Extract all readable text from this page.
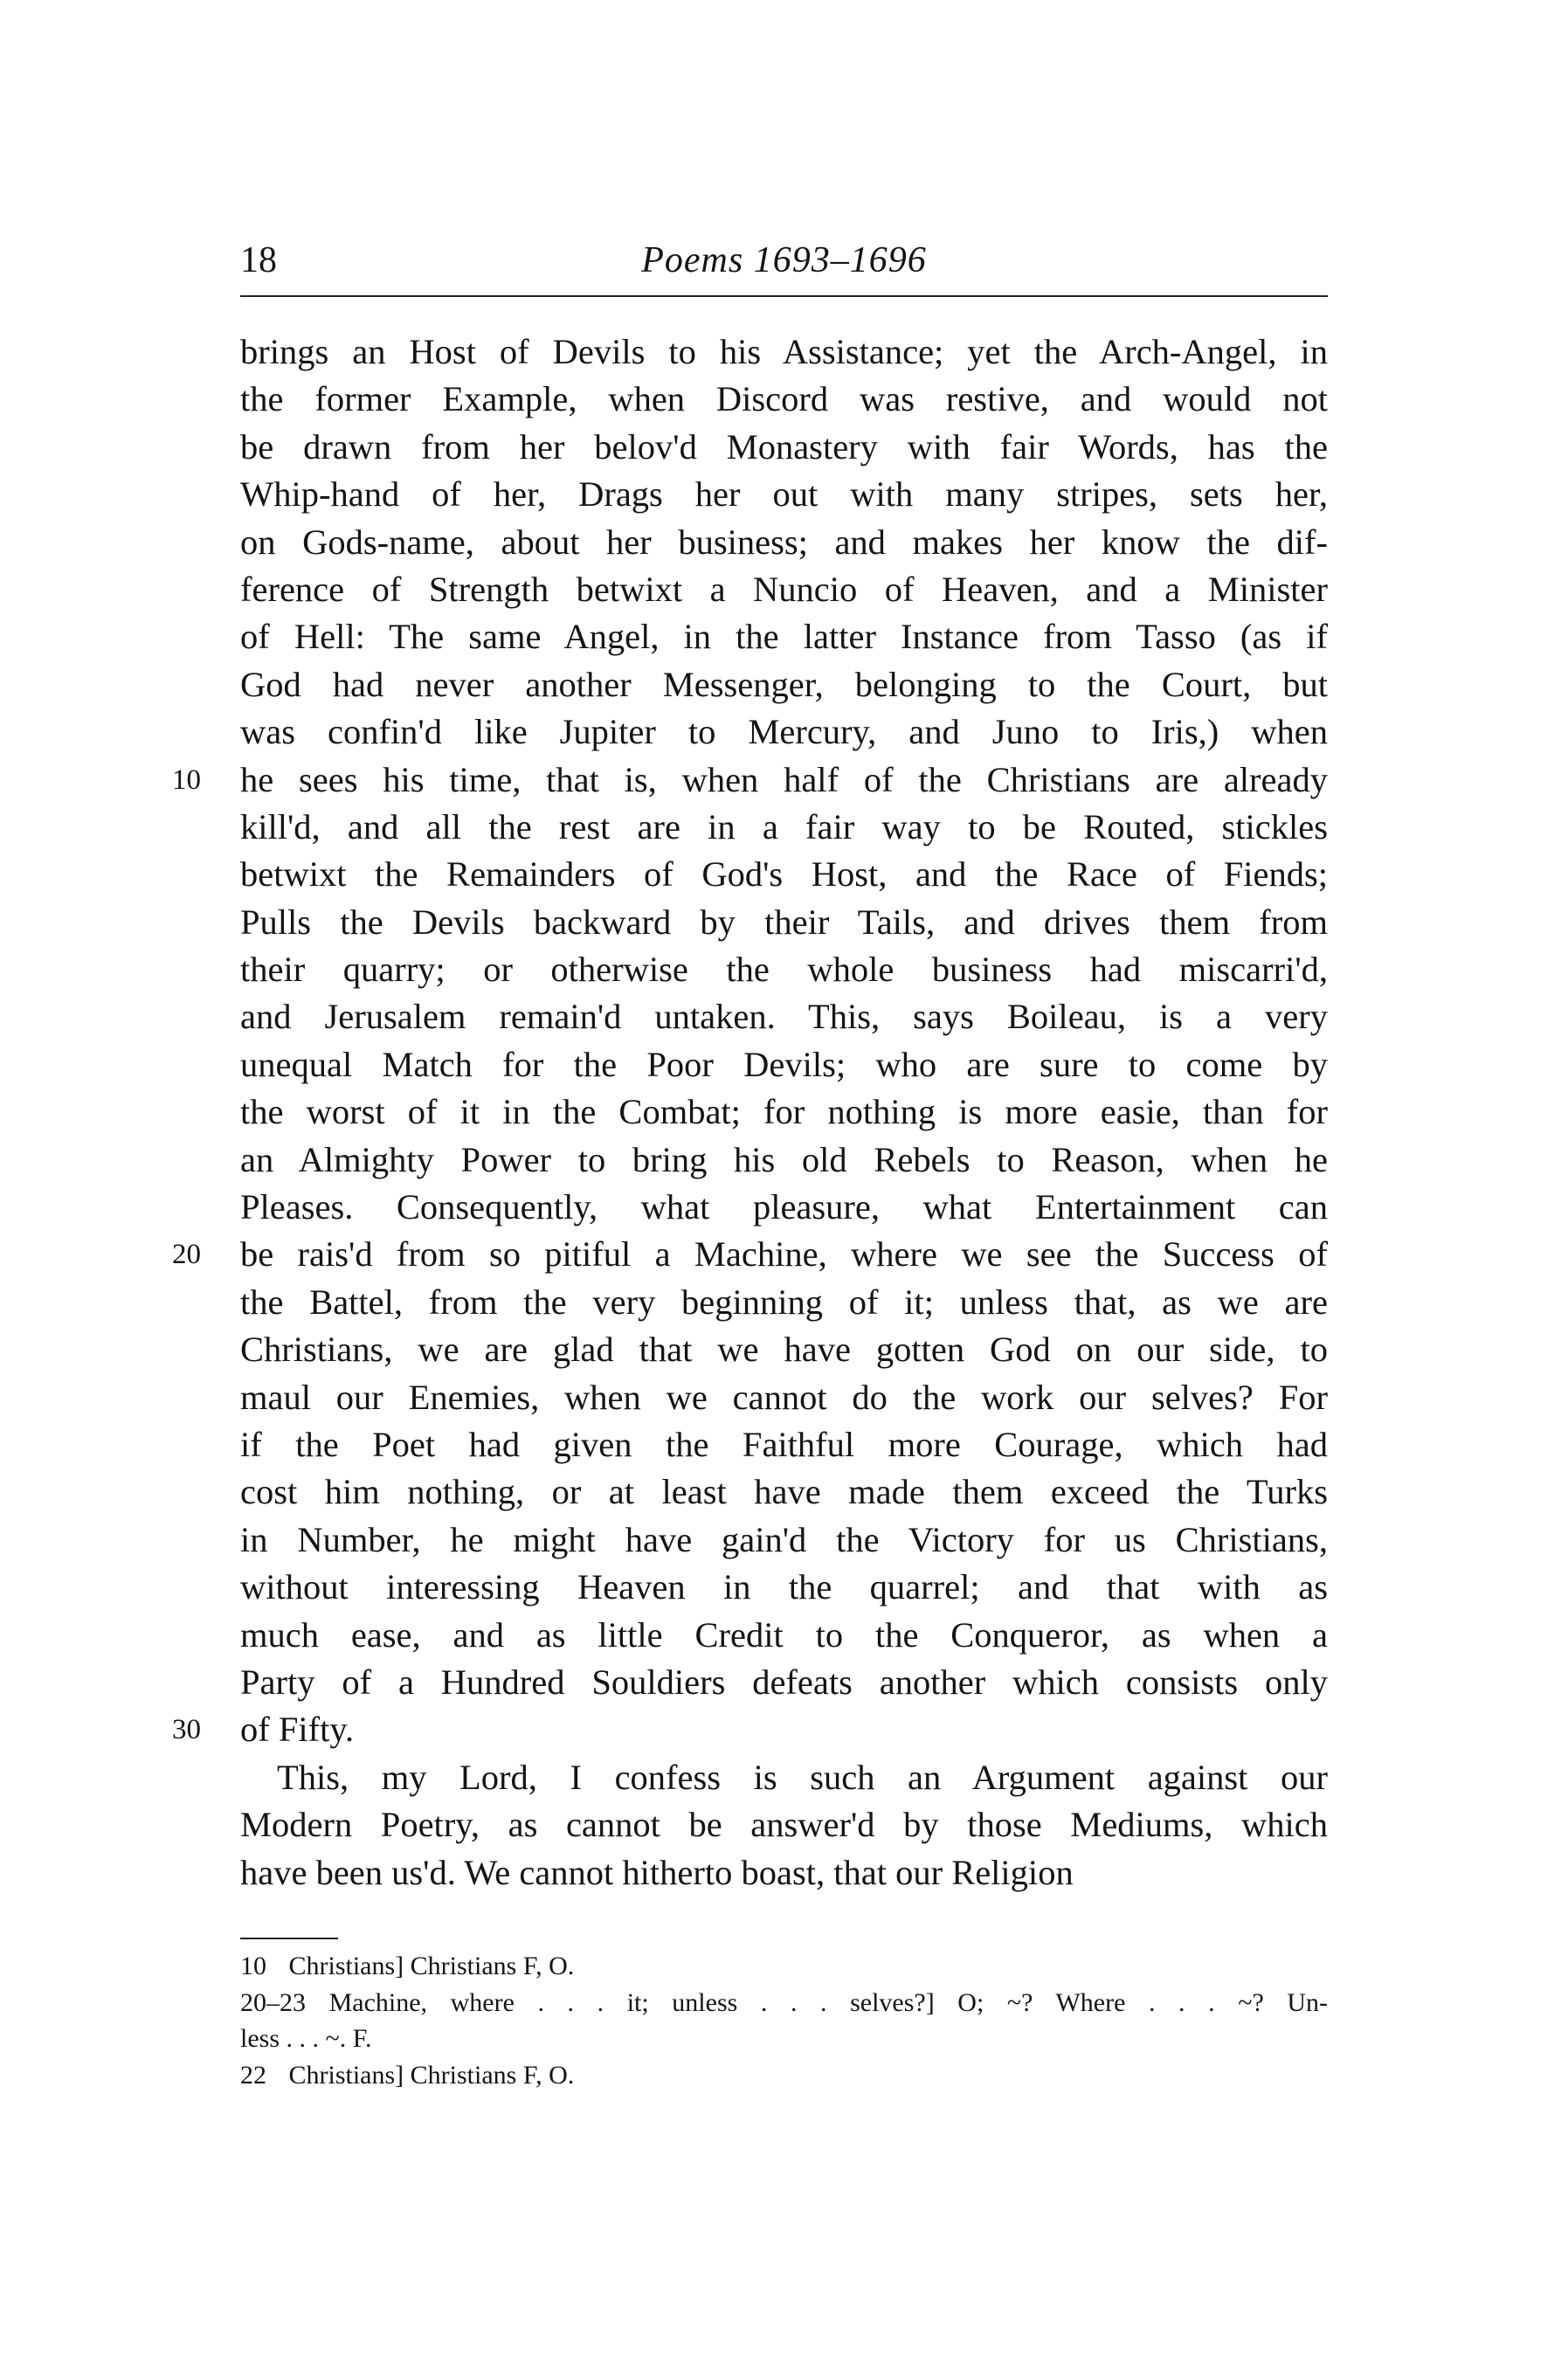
18	Poems 1693–1696
brings an Host of Devils to his Assistance; yet the Arch-Angel, in
the former Example, when Discord was restive, and would not
be drawn from her belov'd Monastery with fair Words, has the
Whip-hand of her, Drags her out with many stripes, sets her,
on Gods-name, about her business; and makes her know the dif-
ference of Strength betwixt a Nuncio of Heaven, and a Minister
of Hell: The same Angel, in the latter Instance from Tasso (as if
God had never another Messenger, belonging to the Court, but
was confin'd like Jupiter to Mercury, and Juno to Iris,) when
10	he sees his time, that is, when half of the Christians are already
kill'd, and all the rest are in a fair way to be Routed, stickles
betwixt the Remainders of God's Host, and the Race of Fiends;
Pulls the Devils backward by their Tails, and drives them from
their quarry; or otherwise the whole business had miscarri'd,
and Jerusalem remain'd untaken. This, says Boileau, is a very
unequal Match for the Poor Devils; who are sure to come by
the worst of it in the Combat; for nothing is more easie, than for
an Almighty Power to bring his old Rebels to Reason, when he
Pleases. Consequently, what pleasure, what Entertainment can
20	be rais'd from so pitiful a Machine, where we see the Success of
the Battel, from the very beginning of it; unless that, as we are
Christians, we are glad that we have gotten God on our side, to
maul our Enemies, when we cannot do the work our selves? For
if the Poet had given the Faithful more Courage, which had
cost him nothing, or at least have made them exceed the Turks
in Number, he might have gain'd the Victory for us Christians,
without interessing Heaven in the quarrel; and that with as
much ease, and as little Credit to the Conqueror, as when a
Party of a Hundred Souldiers defeats another which consists only
30	of Fifty.
This, my Lord, I confess is such an Argument against our
Modern Poetry, as cannot be answer'd by those Mediums, which
have been us'd. We cannot hitherto boast, that our Religion
10 Christians] Christians F, O.
20–23 Machine, where . . . it; unless . . . selves?] O; ~? Where . . . ~? Un-
less . . . ~. F.
22 Christians] Christians F, O.
